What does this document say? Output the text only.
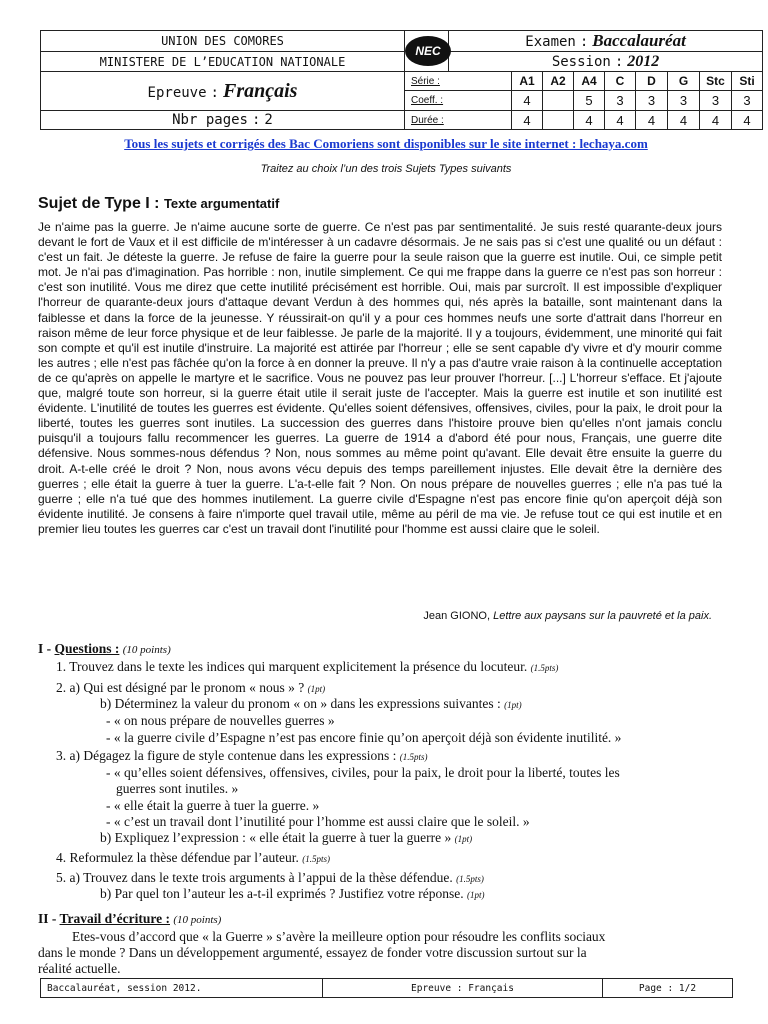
UNION DES COMORES	NEC	Examen : Baccalauréat								
MINISTERE DE L’EDUCATION NATIONALE		Session : 2012								
Epreuve : Français	Série :		A1	A2	A4	C	D	G	Stc	Sti
	Coeff. :		4		5	3	3	3	3	3
Nbr pages : 2	Durée :		4		4	4	4	4	4	4
Tous les sujets et corrigés des Bac Comoriens sont disponibles sur le site internet : lechaya.com
Traitez au choix l’un des trois Sujets Types suivants
Sujet de Type I : Texte argumentatif
Je n'aime pas la guerre. Je n'aime aucune sorte de guerre. Ce n'est pas par sentimentalité. Je suis resté quarante-deux jours devant le fort de Vaux et il est difficile de m'intéresser à un cadavre désormais. Je ne sais pas si c'est une qualité ou un défaut : c'est un fait. Je déteste la guerre. Je refuse de faire la guerre pour la seule raison que la guerre est inutile. Oui, ce simple petit mot. Je n'ai pas d'imagination. Pas horrible : non, inutile simplement. Ce qui me frappe dans la guerre ce n'est pas son horreur : c'est son inutilité. Vous me direz que cette inutilité précisément est horrible. Oui, mais par surcroît. Il est impossible d'expliquer l'horreur de quarante-deux jours d'attaque devant Verdun à des hommes qui, nés après la bataille, sont maintenant dans la faiblesse et dans la force de la jeunesse. Y réussirait-on qu'il y a pour ces hommes neufs une sorte d'attrait dans l'horreur en raison même de leur force physique et de leur faiblesse. Je parle de la majorité. Il y a toujours, évidemment, une minorité qui fait son compte et qu'il est inutile d'instruire. La majorité est attirée par l'horreur ; elle se sent capable d'y vivre et d'y mourir comme les autres ; elle n'est pas fâchée qu'on la force à en donner la preuve. Il n'y a pas d'autre vraie raison à la continuelle acceptation de ce qu'après on appelle le martyre et le sacrifice. Vous ne pouvez pas leur prouver l'horreur. [...] L'horreur s'efface. Et j'ajoute que, malgré toute son horreur, si la guerre était utile il serait juste de l'accepter. Mais la guerre est inutile et son inutilité est évidente. L'inutilité de toutes les guerres est évidente. Qu'elles soient défensives, offensives, civiles, pour la paix, le droit pour la liberté, toutes les guerres sont inutiles. La succession des guerres dans l'histoire prouve bien qu'elles n'ont jamais conclu puisqu'il a toujours fallu recommencer les guerres. La guerre de 1914 a d'abord été pour nous, Français, une guerre dite défensive. Nous sommes-nous défendus ? Non, nous sommes au même point qu'avant. Elle devait être ensuite la guerre du droit. A-t-elle créé le droit ? Non, nous avons vécu depuis des temps pareillement injustes. Elle devait être la dernière des guerres ; elle était la guerre à tuer la guerre. L'a-t-elle fait ? Non. On nous prépare de nouvelles guerres ; elle n'a pas tué la guerre ; elle n'a tué que des hommes inutilement. La guerre civile d'Espagne n'est pas encore finie qu'on aperçoit déjà son évidente inutilité. Je consens à faire n'importe quel travail utile, même au péril de ma vie. Je refuse tout ce qui est inutile et en premier lieu toutes les guerres car c'est un travail dont l'inutilité pour l'homme est aussi claire que le soleil.
Jean GIONO, Lettre aux paysans sur la pauvreté et la paix.
I - Questions : (10 points)
1. Trouvez dans le texte les indices qui marquent explicitement la présence du locuteur. (1.5pts)
2. a) Qui est désigné par le pronom « nous » ? (1pt)
b) Déterminez la valeur du pronom « on » dans les expressions suivantes : (1pt)
- « on nous prépare de nouvelles guerres »
- « la guerre civile d’Espagne n’est pas encore finie qu’on aperçoit déjà son évidente inutilité. »
3. a) Dégagez la figure de style contenue dans les expressions : (1.5pts)
- « qu’elles soient défensives, offensives, civiles, pour la paix, le droit pour la liberté, toutes les
guerres sont inutiles. »
- « elle était la guerre à tuer la guerre. »
- « c’est un travail dont l’inutilité pour l’homme est aussi claire que le soleil. »
b) Expliquez l’expression : « elle était la guerre à tuer la guerre » (1pt)
4. Reformulez la thèse défendue par l’auteur. (1.5pts)
5. a) Trouvez dans le texte trois arguments à l’appui de la thèse défendue. (1.5pts)
b) Par quel ton l’auteur les a-t-il exprimés ? Justifiez votre réponse. (1pt)
II - Travail d’écriture : (10 points)
Etes-vous d’accord que « la Guerre » s’avère la meilleure option pour résoudre les conflits sociaux
dans le monde ? Dans un développement argumenté, essayez de fonder votre discussion surtout sur la
réalité actuelle.
Baccalauréat, session 2012.	Epreuve : Français	Page : 1/2
